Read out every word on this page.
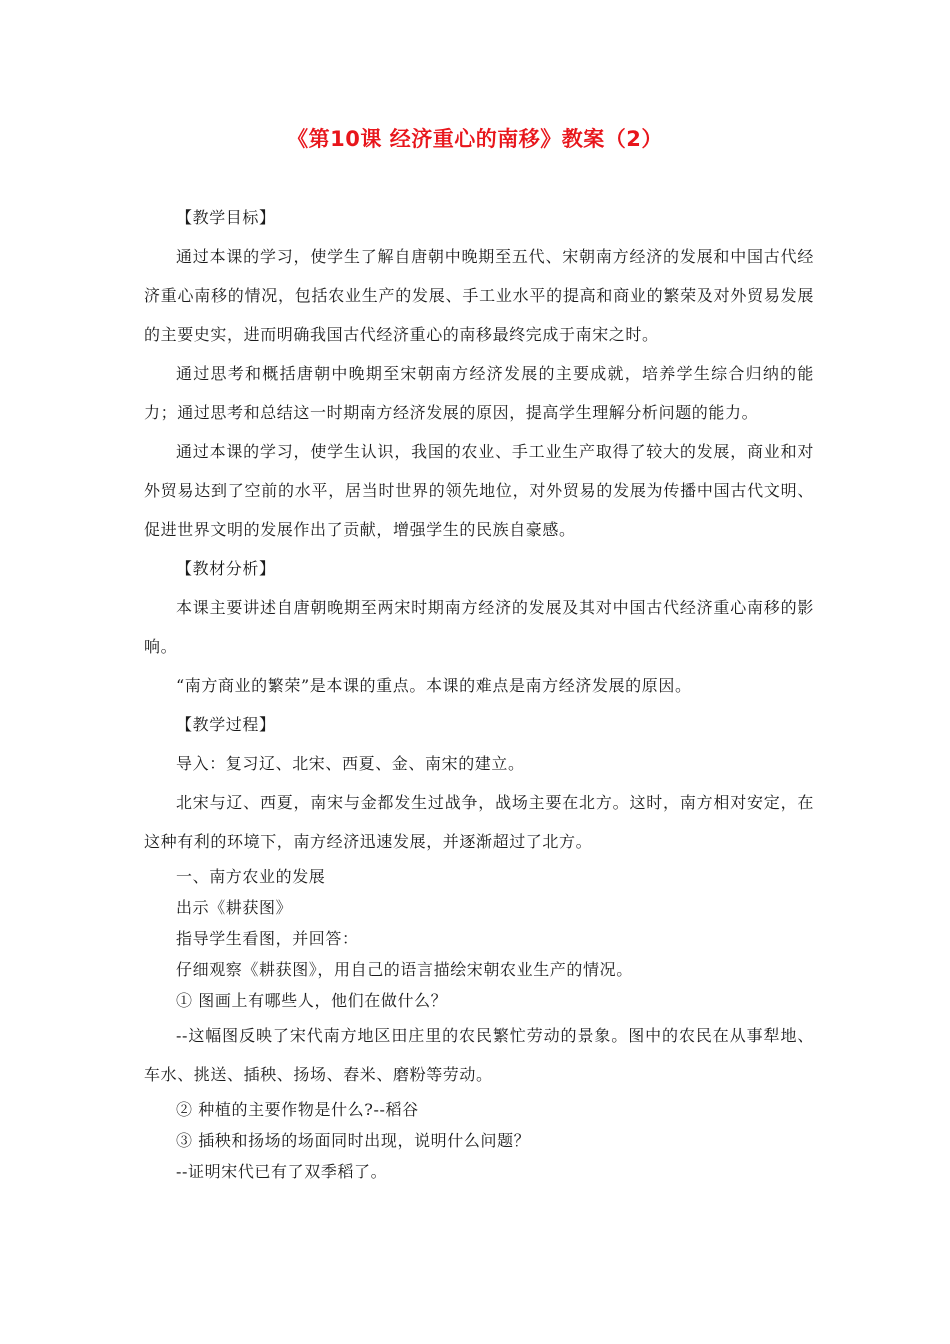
《第10课 经济重心的南移》教案（2）

【教学目标】

通过本课的学习，使学生了解自唐朝中晚期至五代、宋朝南方经济的发展和中国古代经济重心南移的情况，包括农业生产的发展、手工业水平的提高和商业的繁荣及对外贸易发展的主要史实，进而明确我国古代经济重心的南移最终完成于南宋之时。

通过思考和概括唐朝中晚期至宋朝南方经济发展的主要成就，培养学生综合归纳的能力；通过思考和总结这一时期南方经济发展的原因，提高学生理解分析问题的能力。

通过本课的学习，使学生认识，我国的农业、手工业生产取得了较大的发展，商业和对外贸易达到了空前的水平，居当时世界的领先地位，对外贸易的发展为传播中国古代文明、促进世界文明的发展作出了贡献，增强学生的民族自豪感。

【教材分析】

本课主要讲述自唐朝晚期至两宋时期南方经济的发展及其对中国古代经济重心南移的影响。

“南方商业的繁荣”是本课的重点。本课的难点是南方经济发展的原因。

【教学过程】

导入：复习辽、北宋、西夏、金、南宋的建立。

北宋与辽、西夏，南宋与金都发生过战争，战场主要在北方。这时，南方相对安定，在这种有利的环境下，南方经济迅速发展，并逐渐超过了北方。

一、南方农业的发展

出示《耕获图》

指导学生看图，并回答：

仔细观察《耕获图》，用自己的语言描绘宋朝农业生产的情况。

① 图画上有哪些人，他们在做什么？

--这幅图反映了宋代南方地区田庄里的农民繁忙劳动的景象。图中的农民在从事犁地、车水、挑送、插秧、扬场、舂米、磨粉等劳动。

② 种植的主要作物是什么?--稻谷

③ 插秧和扬场的场面同时出现，说明什么问题？

--证明宋代已有了双季稻了。
